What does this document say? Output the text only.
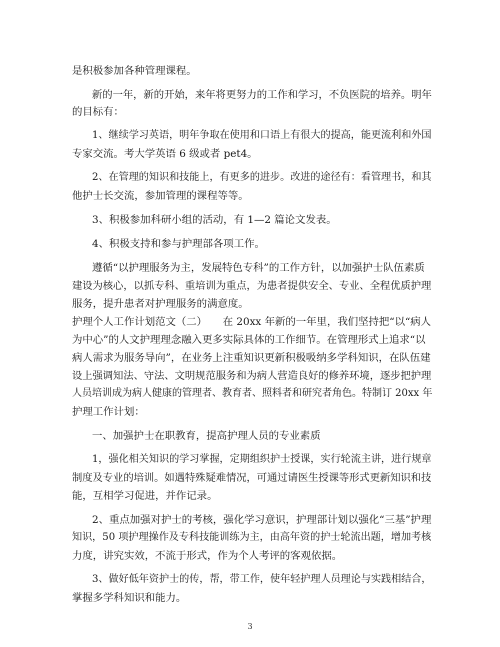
是积极参加各种管理课程。
新的一年，新的开始，来年将更努力的工作和学习，不负医院的培养。明年
的目标有：
1、继续学习英语，明年争取在使用和口语上有很大的提高，能更流利和外国
专家交流。考大学英语 6 级或者 pet4。
2、在管理的知识和技能上，有更多的进步。改进的途径有：看管理书，和其
他护士长交流，参加管理的课程等等。
3、积极参加科研小组的活动，有 1—2 篇论文发表。
4、积极支持和参与护理部各项工作。
遵循“以护理服务为主，发展特色专科”的工作方针，以加强护士队伍素质
建设为核心，以抓专科、重培训为重点，为患者提供安全、专业、全程优质护理
服务，提升患者对护理服务的满意度。
护理个人工作计划范文（二）　　在 20xx 年新的一年里，我们坚持把“以“病人
为中心”的人文护理理念融入更多实际具体的工作细节。在管理形式上追求“以
病人需求为服务导向”，在业务上注重知识更新积极吸纳多学科知识，在队伍建
设上强调知法、守法、文明规范服务和为病人营造良好的修养环境，逐步把护理
人员培训成为病人健康的管理者、教育者、照料者和研究者角色。特制订 20xx 年
护理工作计划：
一、加强护士在职教育，提高护理人员的专业素质
1，强化相关知识的学习掌握，定期组织护士授课，实行轮流主讲，进行规章
制度及专业的培训。如遇特殊疑难情况，可通过请医生授课等形式更新知识和技
能，互相学习促进，并作记录。
2、重点加强对护士的考核，强化学习意识，护理部计划以强化“三基”护理
知识，50 项护理操作及专科技能训练为主，由高年资的护士轮流出题，增加考核
力度，讲究实效，不流于形式，作为个人考评的客观依据。
3、做好低年资护士的传，帮，带工作，使年轻护理人员理论与实践相结合，
掌握多学科知识和能力。
3
